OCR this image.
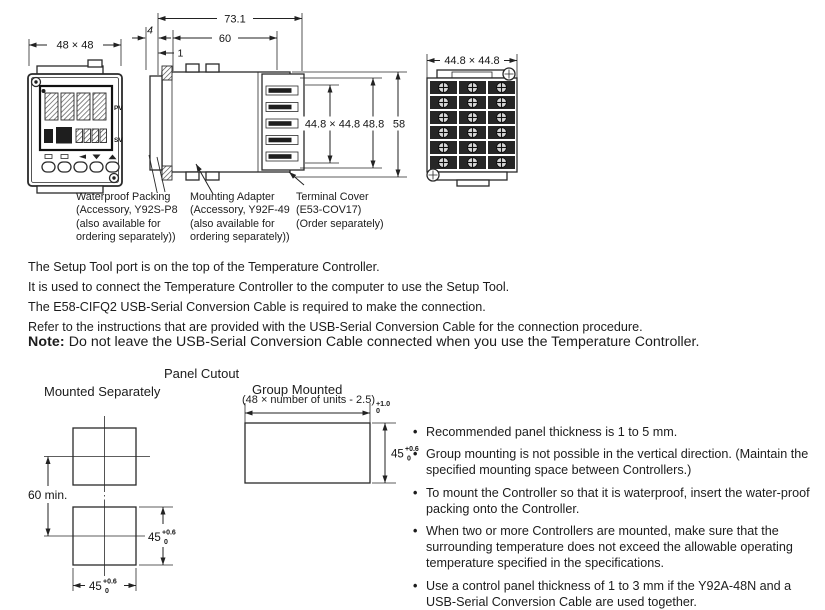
48 × 48
PV
SV
73.1
60
4
1
44.8 × 44.8 48.8 58
44.8 × 44.8
Waterproof Packing
(Accessory, Y92S-P8
(also available for
ordering separately))
Mounting Adapter
(Accessory, Y92F-49
(also available for
ordering separately))
Terminal Cover
(E53-COV17)
(Order separately)
The Setup Tool port is on the top of the Temperature Controller.
It is used to connect the Temperature Controller to the computer to use the Setup Tool.
The E58-CIFQ2 USB-Serial Conversion Cable is required to make the connection.
Refer to the instructions that are provided with the USB-Serial Conversion Cable for the connection procedure.
Note: Do not leave the USB-Serial Conversion Cable connected when you use the Temperature Controller.
Panel Cutout
Mounted Separately	Group Mounted
(48 × number of units - 2.5) +1.0
0
60 min.
45 +0.6
0
45 +0.6
0
45 +0.6
0
• Recommended panel thickness is 1 to 5 mm.
• Group mounting is not possible in the vertical direction. (Maintain the specified mounting space between Controllers.)
• To mount the Controller so that it is waterproof, insert the water-proof packing onto the Controller.
• When two or more Controllers are mounted, make sure that the surrounding temperature does not exceed the allowable operating temperature specified in the specifications.
• Use a control panel thickness of 1 to 3 mm if the Y92A-48N and a USB-Serial Conversion Cable are used together.
